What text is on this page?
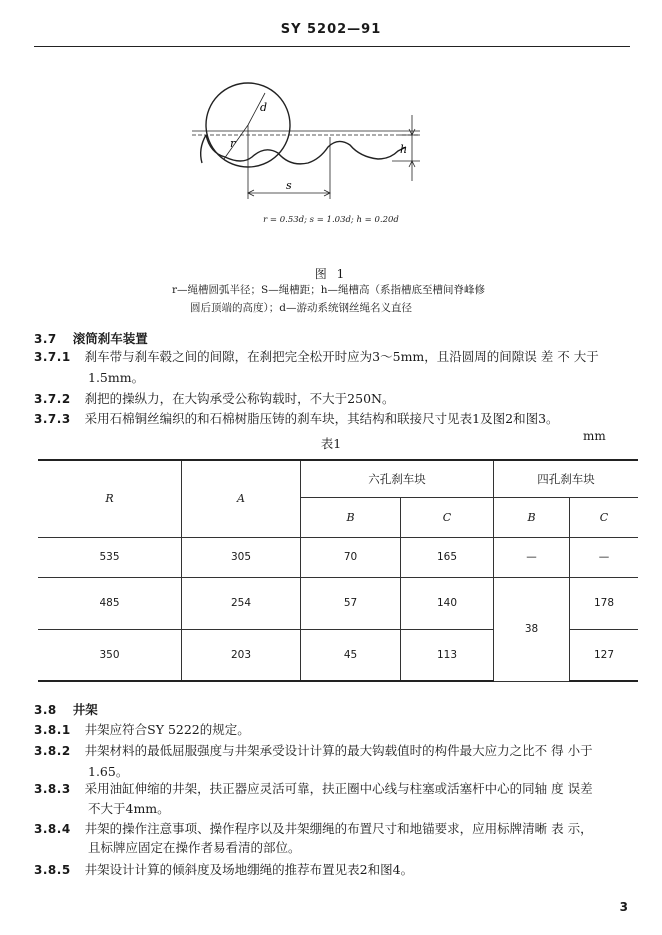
SY 5202—91
d
r
s
h
r = 0.53d; s = 1.03d; h = 0.20d
图 1
r—绳槽圆弧半径；S—绳槽距；h—绳槽高（系指槽底至槽间脊峰修
圆后顶端的高度）；d—游动系统钢丝绳名义直径
3.7 滚筒刹车装置
3.7.1 刹车带与刹车毂之间的间隙，在刹把完全松开时应为3～5mm，且沿圆周的间隙误 差 不 大于
1.5mm。
3.7.2 刹把的操纵力，在大钩承受公称钩载时，不大于250N。
3.7.3 采用石棉铜丝编织的和石棉树脂压铸的刹车块，其结构和联接尺寸见表1及图2和图3。
表1	mm
R	A	六孔刹车块		四孔刹车块	
		B	C	B	C
535	305	70	165	—	—
485	254	57	140	38	178
350	203	45	113		127
3.8 井架
3.8.1 井架应符合SY 5222的规定。
3.8.2 井架材料的最低屈服强度与井架承受设计计算的最大钩载值时的构件最大应力之比不 得 小于
1.65。
3.8.3 采用油缸伸缩的井架，扶正器应灵活可靠，扶正圈中心线与柱塞或活塞杆中心的同轴 度 误差
不大于4mm。
3.8.4 井架的操作注意事项、操作程序以及井架绷绳的布置尺寸和地锚要求，应用标牌清晰 表 示，
且标牌应固定在操作者易看清的部位。
3.8.5 井架设计计算的倾斜度及场地绷绳的推荐布置见表2和图4。
3
